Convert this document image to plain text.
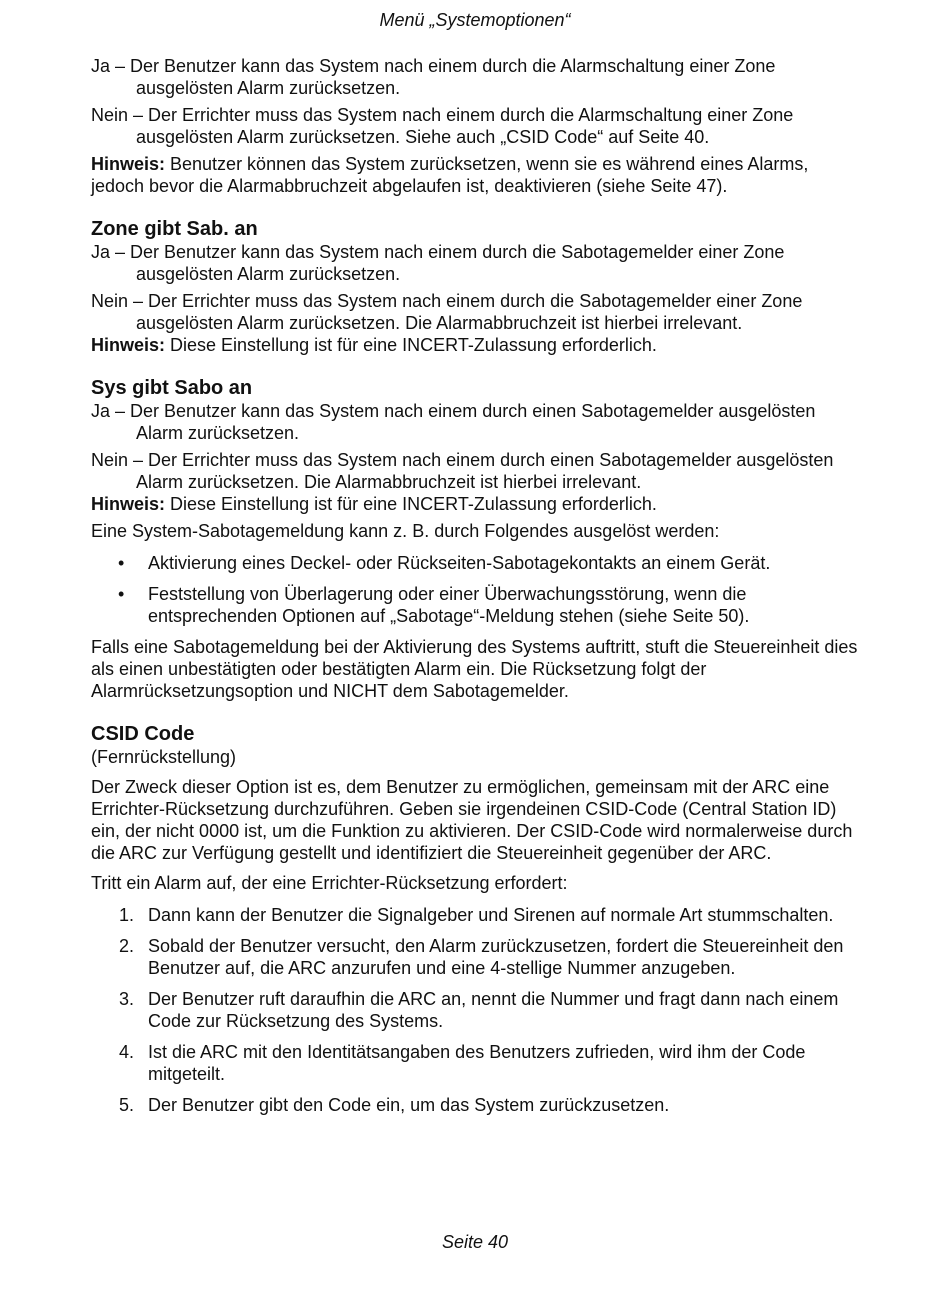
Menü „Systemoptionen“

Ja – Der Benutzer kann das System nach einem durch die Alarmschaltung einer Zone ausgelösten Alarm zurücksetzen.

Nein – Der Errichter muss das System nach einem durch die Alarmschaltung einer Zone ausgelösten Alarm zurücksetzen. Siehe auch „CSID Code“ auf Seite 40.

Hinweis: Benutzer können das System zurücksetzen, wenn sie es während eines Alarms, jedoch bevor die Alarmabbruchzeit abgelaufen ist, deaktivieren (siehe Seite 47).

Zone gibt Sab. an

Ja – Der Benutzer kann das System nach einem durch die Sabotagemelder einer Zone ausgelösten Alarm zurücksetzen.

Nein – Der Errichter muss das System nach einem durch die Sabotagemelder einer Zone ausgelösten Alarm zurücksetzen. Die Alarmabbruchzeit ist hierbei irrelevant.
Hinweis: Diese Einstellung ist für eine INCERT-Zulassung erforderlich.

Sys gibt Sabo an

Ja – Der Benutzer kann das System nach einem durch einen Sabotagemelder ausgelösten Alarm zurücksetzen.

Nein – Der Errichter muss das System nach einem durch einen Sabotagemelder ausgelösten Alarm zurücksetzen. Die Alarmabbruchzeit ist hierbei irrelevant.
Hinweis: Diese Einstellung ist für eine INCERT-Zulassung erforderlich.

Eine System-Sabotagemeldung kann z. B. durch Folgendes ausgelöst werden:

• Aktivierung eines Deckel- oder Rückseiten-Sabotagekontakts an einem Gerät.
• Feststellung von Überlagerung oder einer Überwachungsstörung, wenn die entsprechenden Optionen auf „Sabotage“-Meldung stehen (siehe Seite 50).

Falls eine Sabotagemeldung bei der Aktivierung des Systems auftritt, stuft die Steuereinheit dies als einen unbestätigten oder bestätigten Alarm ein. Die Rücksetzung folgt der Alarmrücksetzungsoption und NICHT dem Sabotagemelder.

CSID Code

(Fernrückstellung)

Der Zweck dieser Option ist es, dem Benutzer zu ermöglichen, gemeinsam mit der ARC eine Errichter-Rücksetzung durchzuführen. Geben sie irgendeinen CSID-Code (Central Station ID) ein, der nicht 0000 ist, um die Funktion zu aktivieren. Der CSID-Code wird normalerweise durch die ARC zur Verfügung gestellt und identifiziert die Steuereinheit gegenüber der ARC.

Tritt ein Alarm auf, der eine Errichter-Rücksetzung erfordert:

1. Dann kann der Benutzer die Signalgeber und Sirenen auf normale Art stummschalten.
2. Sobald der Benutzer versucht, den Alarm zurückzusetzen, fordert die Steuereinheit den Benutzer auf, die ARC anzurufen und eine 4-stellige Nummer anzugeben.
3. Der Benutzer ruft daraufhin die ARC an, nennt die Nummer und fragt dann nach einem Code zur Rücksetzung des Systems.
4. Ist die ARC mit den Identitätsangaben des Benutzers zufrieden, wird ihm der Code mitgeteilt.
5. Der Benutzer gibt den Code ein, um das System zurückzusetzen.
Seite 40
